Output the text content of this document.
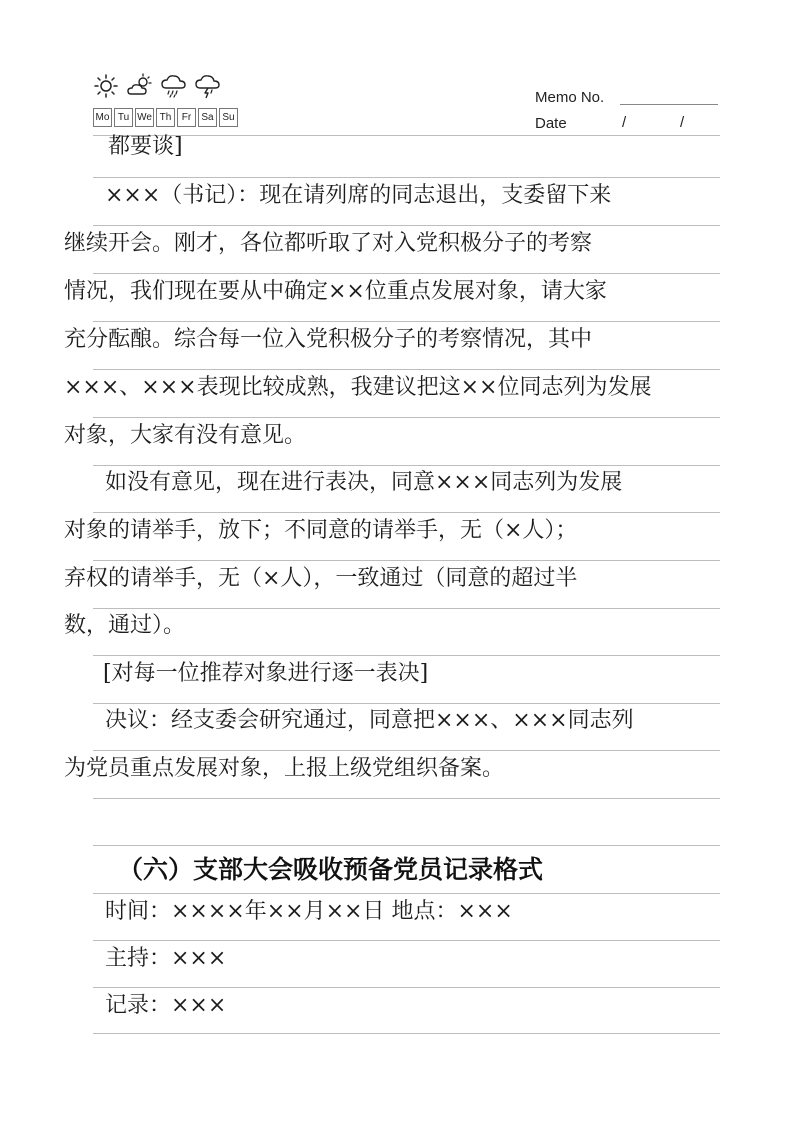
Mo Tu We Th	Fr	Sa Su
Memo No.
Date	/	/
都要谈]
×××（书记）：现在请列席的同志退出，支委留下来
继续开会。刚才，各位都听取了对入党积极分子的考察
情况，我们现在要从中确定××位重点发展对象，请大家
充分酝酿。综合每一位入党积极分子的考察情况，其中
×××、×××表现比较成熟，我建议把这××位同志列为发展
对象，大家有没有意见。
如没有意见，现在进行表决，同意×××同志列为发展
对象的请举手，放下；不同意的请举手，无（×人）；
弃权的请举手，无（×人），一致通过（同意的超过半
数，通过）。
[对每一位推荐对象进行逐一表决]
决议：经支委会研究通过，同意把×××、×××同志列
为党员重点发展对象，上报上级党组织备案。
（六）支部大会吸收预备党员记录格式
时间：××××年××月××日 地点：×××
主持：×××
记录：×××
